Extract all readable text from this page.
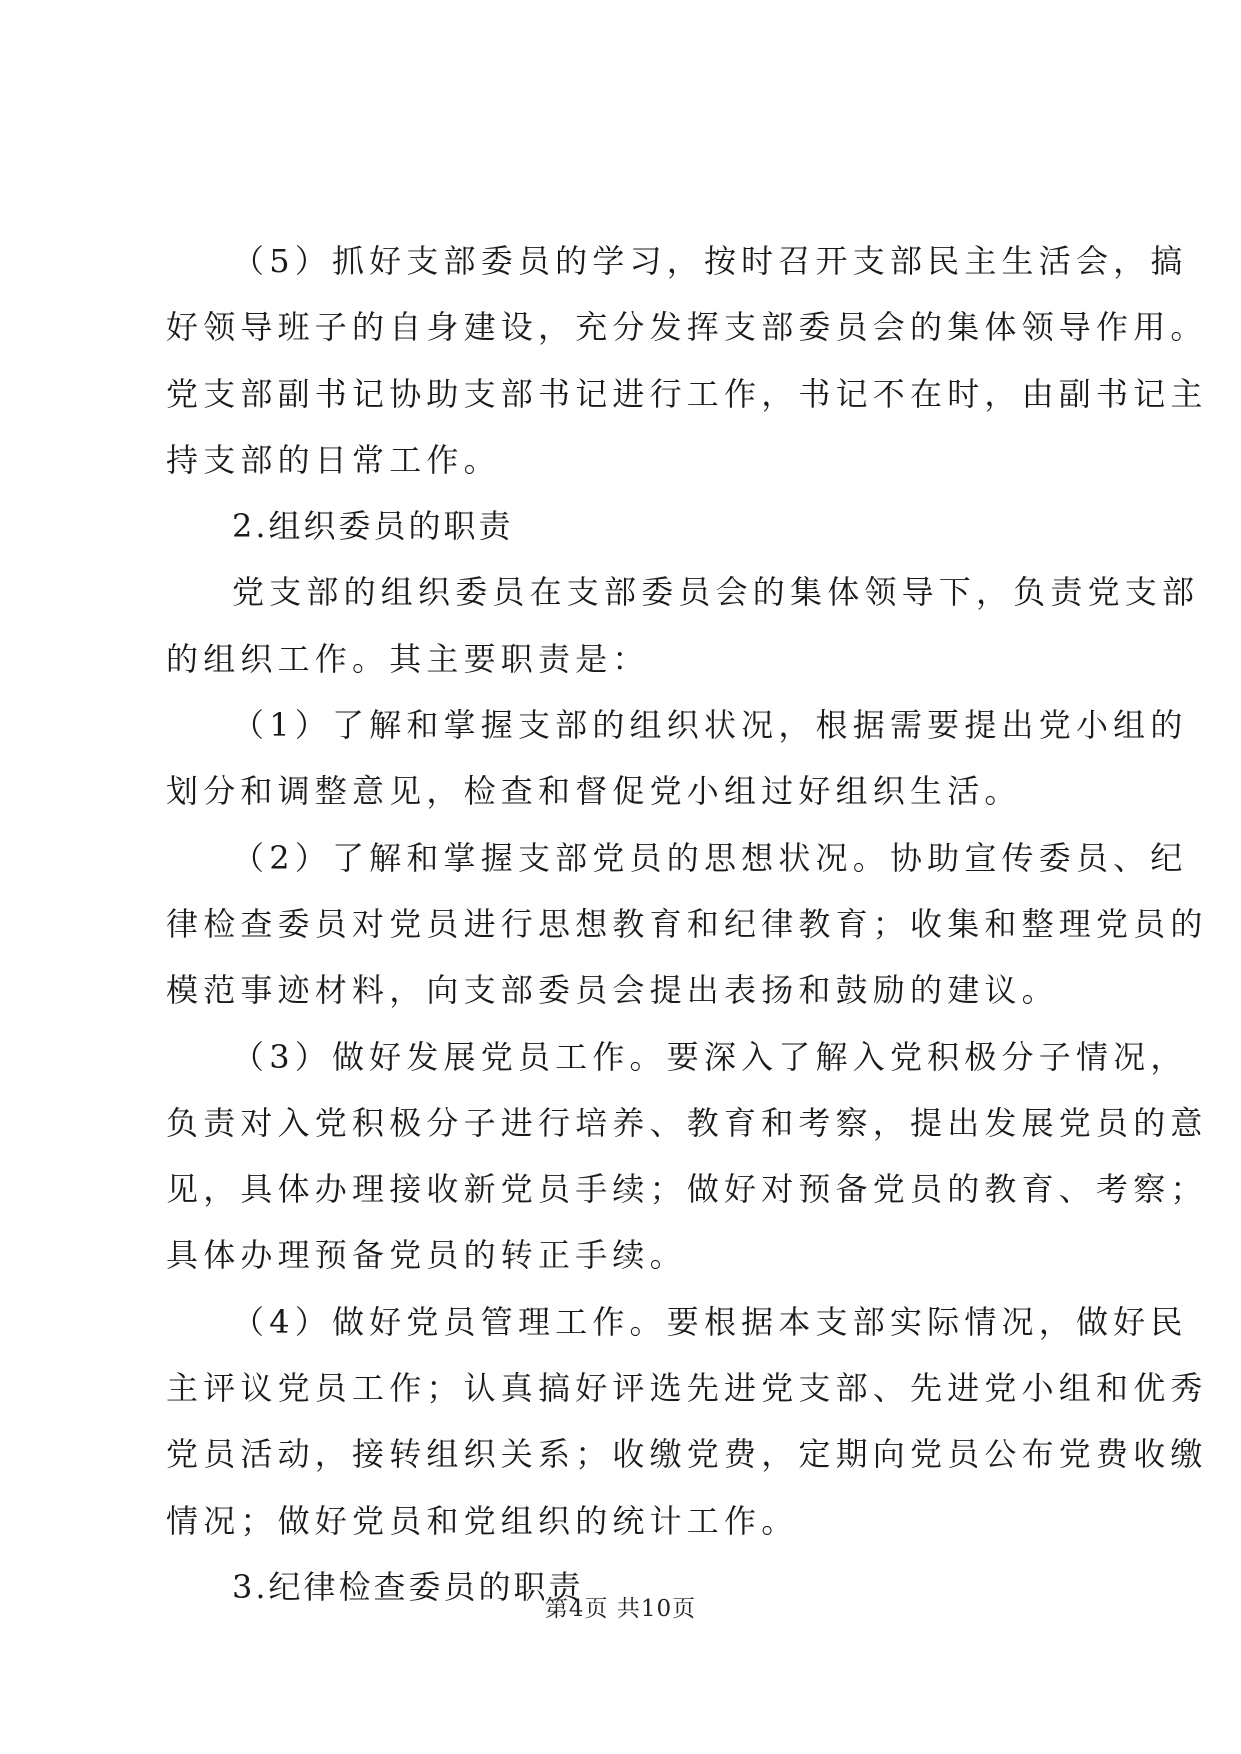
（5）抓好支部委员的学习，按时召开支部民主生活会，搞
好领导班子的自身建设，充分发挥支部委员会的集体领导作用。
党支部副书记协助支部书记进行工作，书记不在时，由副书记主
持支部的日常工作。
2.组织委员的职责
党支部的组织委员在支部委员会的集体领导下，负责党支部
的组织工作。其主要职责是：
（1）了解和掌握支部的组织状况，根据需要提出党小组的
划分和调整意见，检查和督促党小组过好组织生活。
（2）了解和掌握支部党员的思想状况。协助宣传委员、纪
律检查委员对党员进行思想教育和纪律教育；收集和整理党员的
模范事迹材料，向支部委员会提出表扬和鼓励的建议。
（3）做好发展党员工作。要深入了解入党积极分子情况，
负责对入党积极分子进行培养、教育和考察，提出发展党员的意
见，具体办理接收新党员手续；做好对预备党员的教育、考察；
具体办理预备党员的转正手续。
（4）做好党员管理工作。要根据本支部实际情况，做好民
主评议党员工作；认真搞好评选先进党支部、先进党小组和优秀
党员活动，接转组织关系；收缴党费，定期向党员公布党费收缴
情况；做好党员和党组织的统计工作。
3.纪律检查委员的职责
第4页 共10页
